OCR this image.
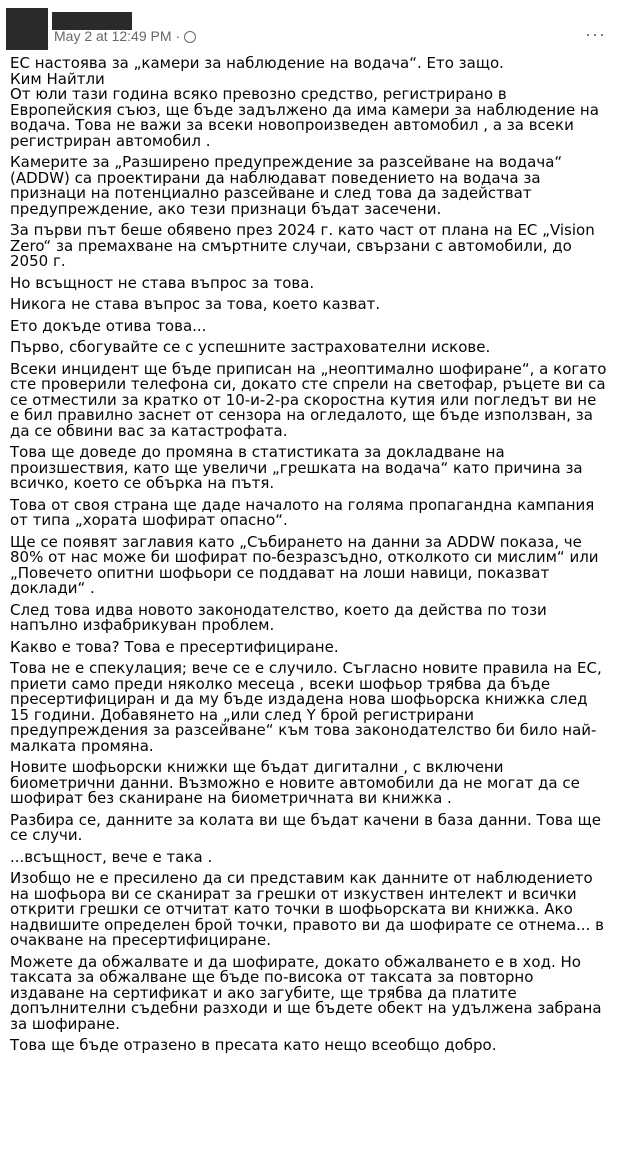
May 2 at 12:49 PM ·	···

ЕС настоява за „камери за наблюдение на водача“. Ето защо.
Ким Найтли
От юли тази година всяко превозно средство, регистрирано в Европейския съюз, ще бъде задължено да има камери за наблюдение на водача. Това не важи за всеки новопроизведен автомобил , а за всеки регистриран автомобил .

Камерите за „Разширено предупреждение за разсейване на водача“ (ADDW) са проектирани да наблюдават поведението на водача за признаци на потенциално разсейване и след това да задействат предупреждение, ако тези признаци бъдат засечени.

За първи път беше обявено през 2024 г. като част от плана на ЕС „Vision Zero“ за премахване на смъртните случаи, свързани с автомобили, до 2050 г.

Но всъщност не става въпрос за това.

Никога не става въпрос за това, което казват.

Ето докъде отива това...

Първо, сбогувайте се с успешните застрахователни искове.

Всеки инцидент ще бъде приписан на „неоптимално шофиране“, а когато сте проверили телефона си, докато сте спрели на светофар, ръцете ви са се отместили за кратко от 10-и-2-ра скоростна кутия или погледът ви не е бил правилно заснет от сензора на огледалото, ще бъде използван, за да се обвини вас за катастрофата.

Това ще доведе до промяна в статистиката за докладване на произшествия, като ще увеличи „грешката на водача“ като причина за всичко, което се обърка на пътя.

Това от своя страна ще даде началото на голяма пропагандна кампания от типа „хората шофират опасно“.

Ще се появят заглавия като „Събирането на данни за ADDW показа, че 80% от нас може би шофират по-безразсъдно, отколкото си мислим“ или „Повечето опитни шофьори се поддават на лоши навици, показват доклади“ .

След това идва новото законодателство, което да действа по този напълно изфабрикуван проблем.

Какво е това? Това е пресертифициране.

Това не е спекулация; вече се е случило. Съгласно новите правила на ЕС, приети само преди няколко месеца , всеки шофьор трябва да бъде пресертифициран и да му бъде издадена нова шофьорска книжка след 15 години. Добавянето на „или след Y брой регистрирани предупреждения за разсейване“ към това законодателство би било най-малката промяна.

Новите шофьорски книжки ще бъдат дигитални , с включени биометрични данни. Възможно е новите автомобили да не могат да се шофират без сканиране на биометричната ви книжка .

Разбира се, данните за колата ви ще бъдат качени в база данни. Това ще се случи.

...всъщност, вече е така .

Изобщо не е пресилено да си представим как данните от наблюдението на шофьора ви се сканират за грешки от изкуствен интелект и всички открити грешки се отчитат като точки в шофьорската ви книжка. Ако надвишите определен брой точки, правото ви да шофирате се отнема... в очакване на пресертифициране.

Можете да обжалвате и да шофирате, докато обжалването е в ход. Но таксата за обжалване ще бъде по-висока от таксата за повторно издаване на сертификат и ако загубите, ще трябва да платите допълнителни съдебни разходи и ще бъдете обект на удължена забрана за шофиране.

Това ще бъде отразено в пресата като нещо всеобщо добро.
